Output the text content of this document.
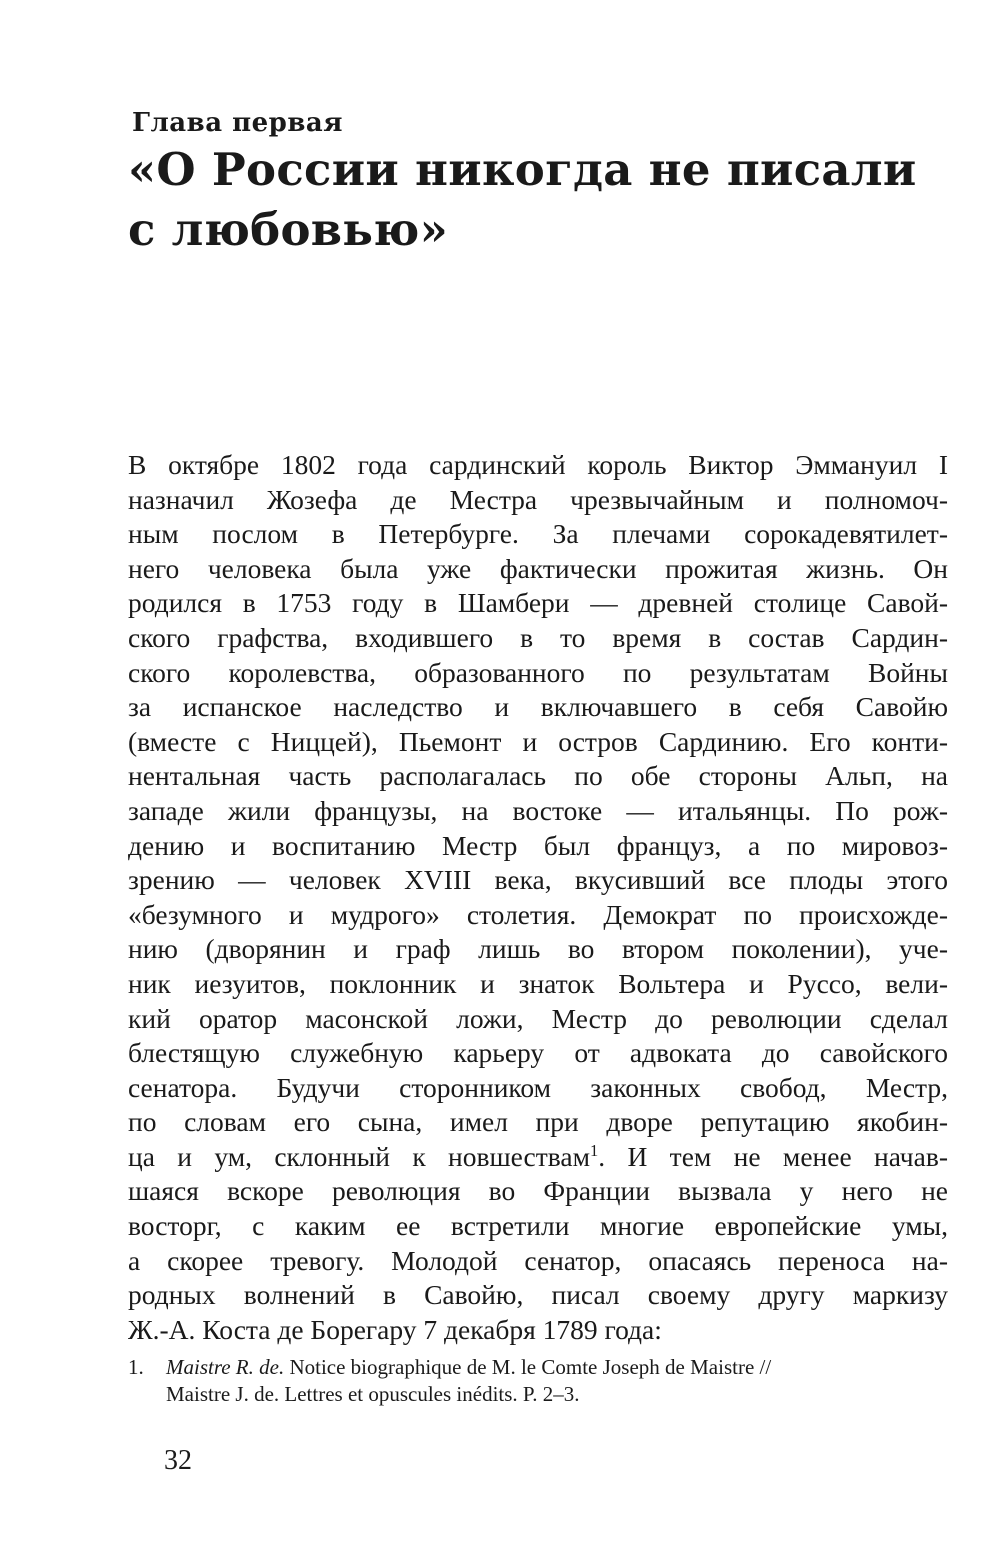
Глава первая
«О России никогда не писали
с любовью»
В октябре 1802 года сардинский король Виктор Эммануил I
назначил Жозефа де Местра чрезвычайным и полномоч-
ным послом в Петербурге. За плечами сорокадевятилет-
него человека была уже фактически прожитая жизнь. Он
родился в 1753 году в Шамбери — древней столице Савой-
ского графства, входившего в то время в состав Сардин-
ского королевства, образованного по результатам Войны
за испанское наследство и включавшего в себя Савойю
(вместе с Ниццей), Пьемонт и остров Сардинию. Его конти-
нентальная часть располагалась по обе стороны Альп, на
западе жили французы, на востоке — итальянцы. По рож-
дению и воспитанию Местр был француз, а по мировоз-
зрению — человек XVIII века, вкусивший все плоды этого
«безумного и мудрого» столетия. Демократ по происхожде-
нию (дворянин и граф лишь во втором поколении), уче-
ник иезуитов, поклонник и знаток Вольтера и Руссо, вели-
кий оратор масонской ложи, Местр до революции сделал
блестящую служебную карьеру от адвоката до савойского
сенатора. Будучи сторонником законных свобод, Местр,
по словам его сына, имел при дворе репутацию якобин-
ца и ум, склонный к новшествам$^1$. И тем не менее начав-
шаяся вскоре революция во Франции вызвала у него не
восторг, с каким ее встретили многие европейские умы,
а скорее тревогу. Молодой сенатор, опасаясь переноса на-
родных волнений в Савойю, писал своему другу маркизу
Ж.-А. Коста де Борегару 7 декабря 1789 года:
1. Maistre R. de. Notice biographique de M. le Comte Joseph de Maistre //
Maistre J. de. Lettres et opuscules inédits. P. 2–3.
32
